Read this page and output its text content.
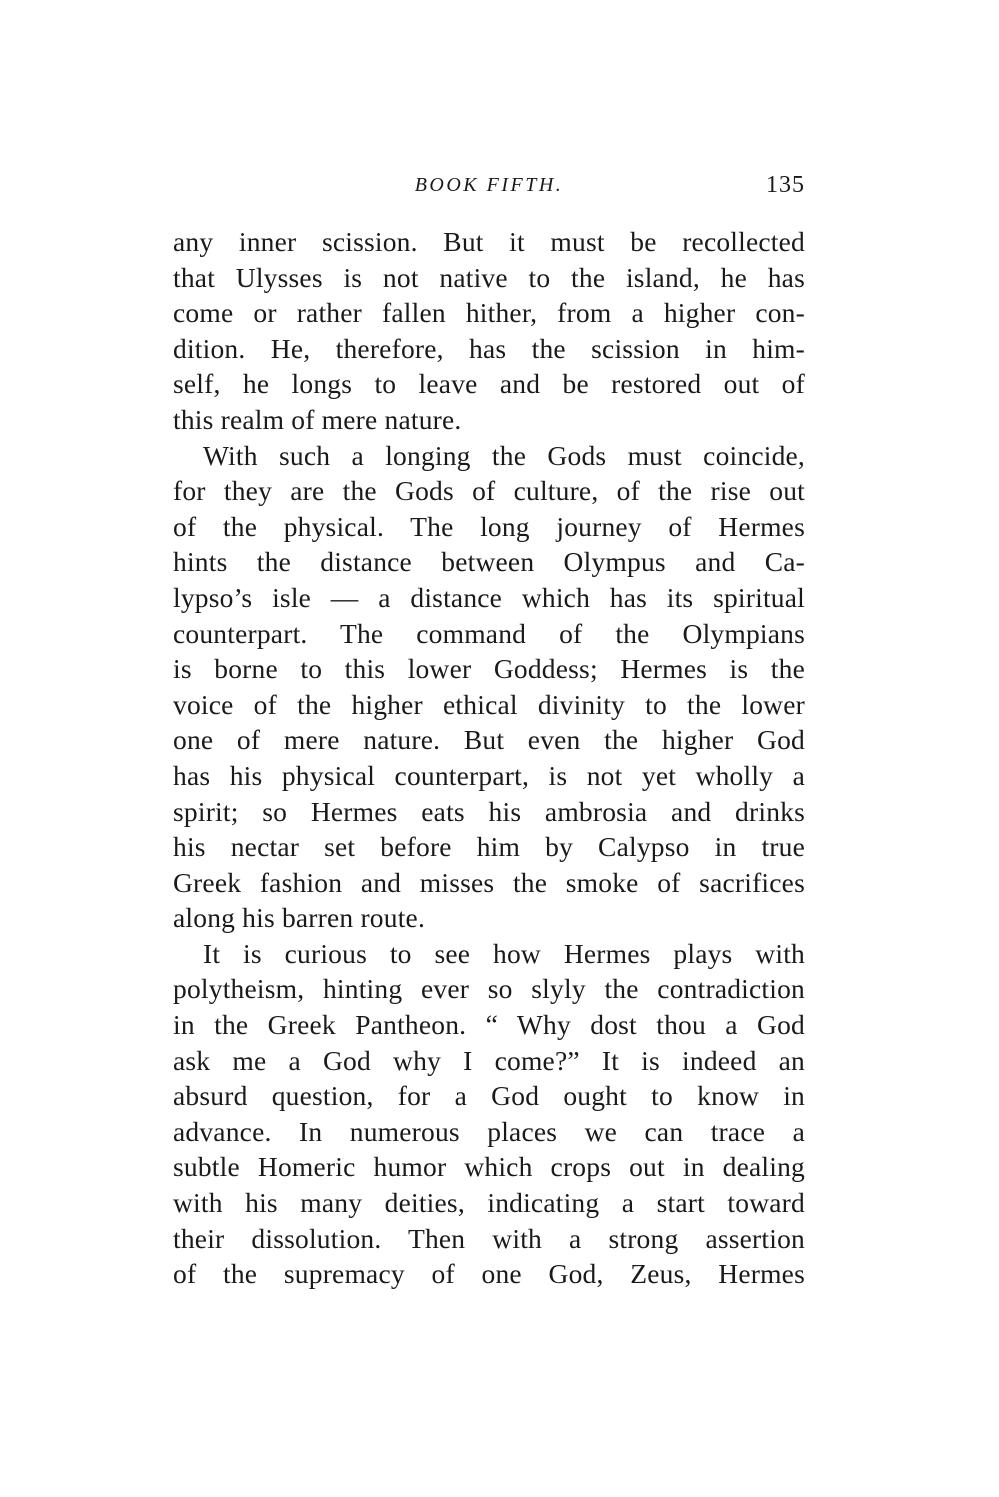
BOOK FIFTH.	135
any inner scission. But it must be recollected
that Ulysses is not native to the island, he has
come or rather fallen hither, from a higher con-
dition. He, therefore, has the scission in him-
self, he longs to leave and be restored out of
this realm of mere nature.
With such a longing the Gods must coincide,
for they are the Gods of culture, of the rise out
of the physical. The long journey of Hermes
hints the distance between Olympus and Ca-
lypso’s isle — a distance which has its spiritual
counterpart. The command of the Olympians
is borne to this lower Goddess; Hermes is the
voice of the higher ethical divinity to the lower
one of mere nature. But even the higher God
has his physical counterpart, is not yet wholly a
spirit; so Hermes eats his ambrosia and drinks
his nectar set before him by Calypso in true
Greek fashion and misses the smoke of sacrifices
along his barren route.
It is curious to see how Hermes plays with
polytheism, hinting ever so slyly the contradiction
in the Greek Pantheon. “ Why dost thou a God
ask me a God why I come?” It is indeed an
absurd question, for a God ought to know in
advance. In numerous places we can trace a
subtle Homeric humor which crops out in dealing
with his many deities, indicating a start toward
their dissolution. Then with a strong assertion
of the supremacy of one God, Zeus, Hermes
